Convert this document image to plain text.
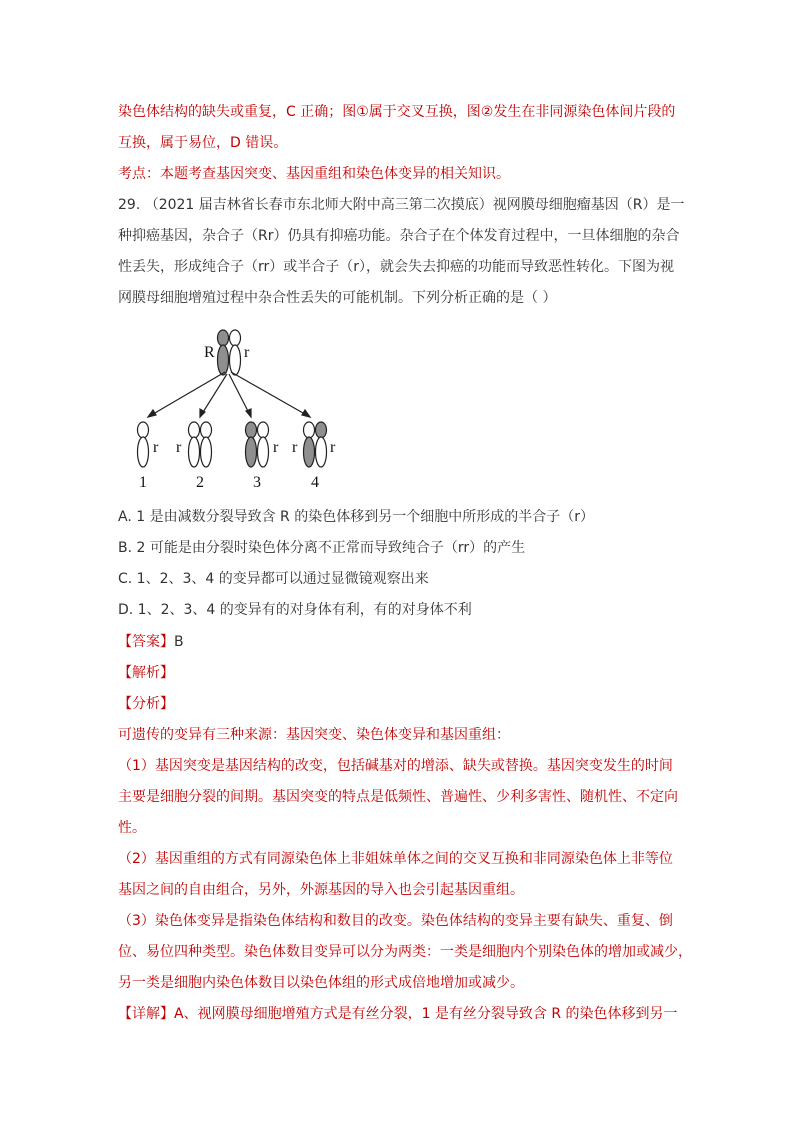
染色体结构的缺失或重复，C 正确；图①属于交叉互换，图②发生在非同源染色体间片段的
互换，属于易位，D 错误。
考点：本题考查基因突变、基因重组和染色体变异的相关知识。
29. （2021 届吉林省长春市东北师大附中高三第二次摸底）视网膜母细胞瘤基因（R）是一
种抑癌基因，杂合子（Rr）仍具有抑癌功能。杂合子在个体发育过程中，一旦体细胞的杂合
性丢失，形成纯合子（rr）或半合子（r），就会失去抑癌的功能而导致恶性转化。下图为视
网膜母细胞增殖过程中杂合性丢失的可能机制。下列分析正确的是（ ）
R r
r r	r r r
1	2	3	4
A. 1 是由减数分裂导致含 R 的染色体移到另一个细胞中所形成的半合子（r）
B. 2 可能是由分裂时染色体分离不正常而导致纯合子（rr）的产生
C. 1、2、3、4 的变异都可以通过显微镜观察出来
D. 1、2、3、4 的变异有的对身体有利，有的对身体不利
【答案】B
【解析】
【分析】
可遗传的变异有三种来源：基因突变、染色体变异和基因重组：
（1）基因突变是基因结构的改变，包括碱基对的增添、缺失或替换。基因突变发生的时间
主要是细胞分裂的间期。基因突变的特点是低频性、普遍性、少利多害性、随机性、不定向
性。
（2）基因重组的方式有同源染色体上非姐妹单体之间的交叉互换和非同源染色体上非等位
基因之间的自由组合，另外，外源基因的导入也会引起基因重组。
（3）染色体变异是指染色体结构和数目的改变。染色体结构的变异主要有缺失、重复、倒
位、易位四种类型。染色体数目变异可以分为两类：一类是细胞内个别染色体的增加或减少，
另一类是细胞内染色体数目以染色体组的形式成倍地增加或减少。
【详解】A、视网膜母细胞增殖方式是有丝分裂，1 是有丝分裂导致含 R 的染色体移到另一
